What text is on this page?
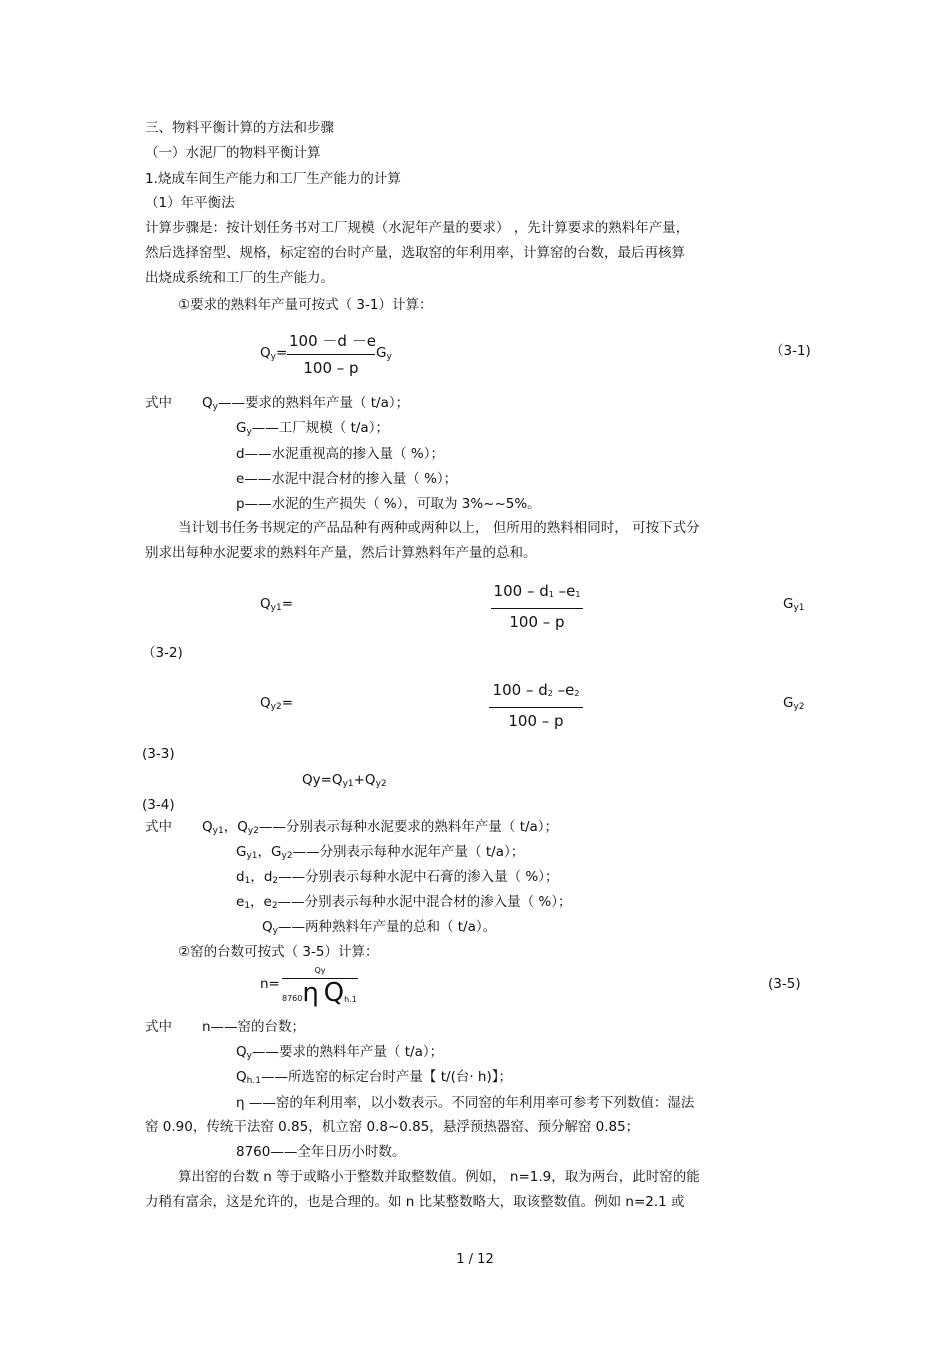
三、物料平衡计算的方法和步骤
（一）水泥厂的物料平衡计算
1.烧成车间生产能力和工厂生产能力的计算
（1）年平衡法
计算步骤是：按计划任务书对工厂规模（水泥年产量的要求） ，先计算要求的熟料年产量，
然后选择窑型、规格，标定窑的台时产量，选取窑的年利用率，计算窑的台数，最后再核算
出烧成系统和工厂的生产能力。
①要求的熟料年产量可按式（ 3-1）计算：
$Q_y=$
100 －d －e
100 – p
$G_y$	（3-1)
式中 $Q_y——$要求的熟料年产量（ t/a）；
$G_y——$工厂规模（ t/a）；
d——水泥重视高的掺入量（ %）；
e——水泥中混合材的掺入量（ %）；
p——水泥的生产损失（ %），可取为 3%~~5%。
当计划书任务书规定的产品品种有两种或两种以上， 但所用的熟料相同时， 可按下式分
别求出每种水泥要求的熟料年产量，然后计算熟料年产量的总和。
$Q_{y1}=$
100 – d1 –e1
100 – p
$G_{y1}$
（3-2)
$Q_{y2}=$
100 – d2 –e2
100 – p
$G_{y2}$
(3-3)
$Qy=Q_{y1}+Q_{y2}$
(3-4)
式中 $Q_{y1}$，$Q_{y2}——$分别表示每种水泥要求的熟料年产量（ t/a）；
$G_{y1}$，$G_{y2}——$分别表示每种水泥年产量（ t/a）；
$d_1$，$d_2——$分别表示每种水泥中石膏的渗入量（ %）；
$e_1$，$e_2——$分别表示每种水泥中混合材的渗入量（ %）；
$Q_y——$两种熟料年产量的总和（ t/a）。
②窑的台数可按式（ 3-5）计算：
n=
Qy
8760η Qh.1
(3-5)
式中 n——窑的台数；
$Q_y——$要求的熟料年产量（ t/a）；
$Q_{h.1}——$所选窑的标定台时产量【 t/(台· h)】；
η ——窑的年利用率，以小数表示。不同窑的年利用率可参考下列数值：湿法
窑 0.90，传统干法窑 0.85，机立窑 0.8~0.85，悬浮预热器窑、预分解窑 0.85；
8760——全年日历小时数。
算出窑的台数 n 等于或略小于整数并取整数值。例如， n=1.9，取为两台，此时窑的能
力稍有富余，这是允许的，也是合理的。如 n 比某整数略大，取该整数值。例如 n=2.1 或
1 / 12
